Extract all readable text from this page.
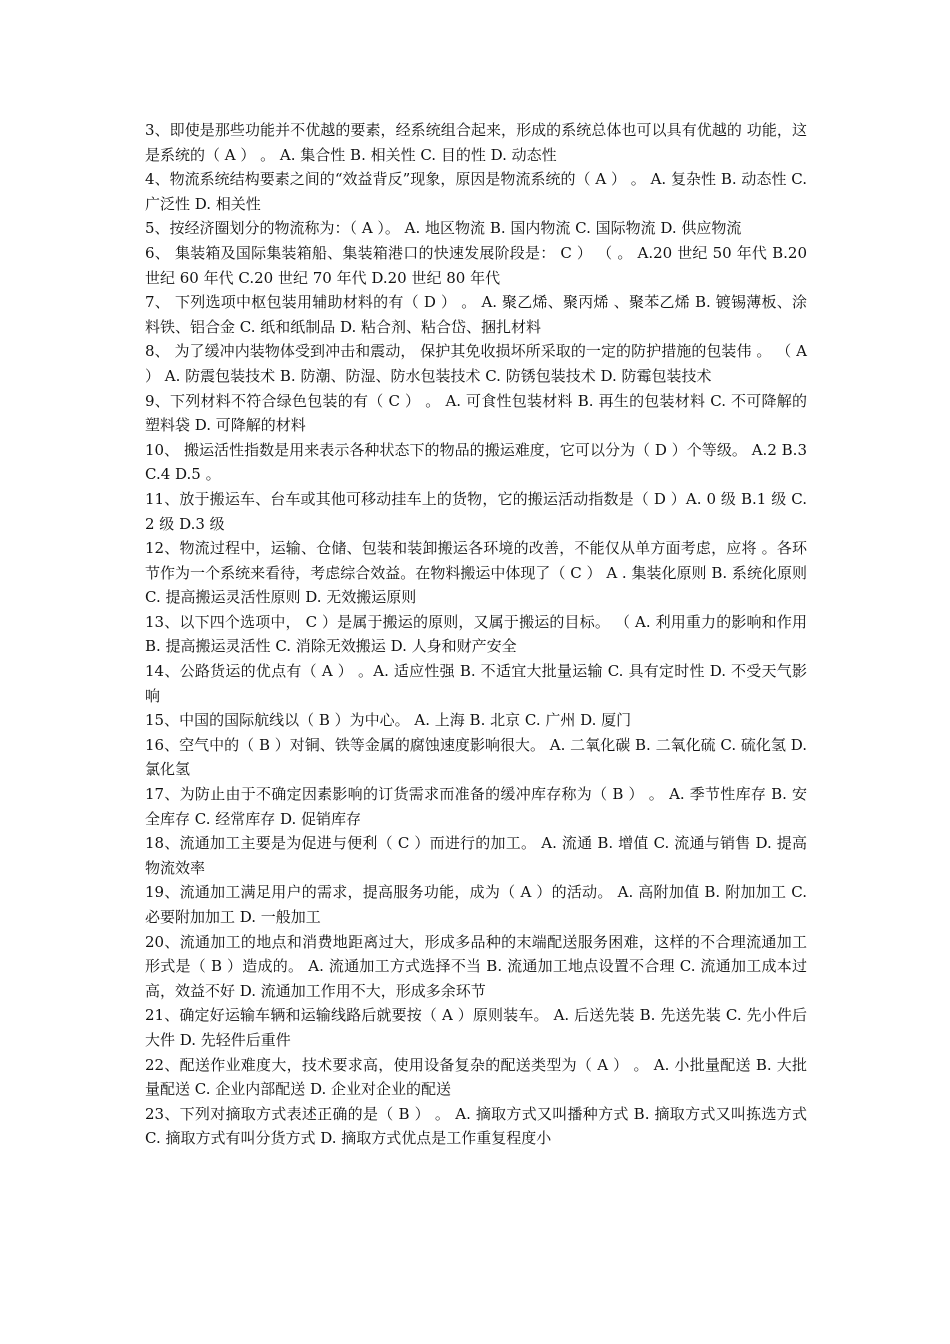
3、即使是那些功能并不优越的要素，经系统组合起来，形成的系统总体也可以具有优越的 功能，这是系统的（ A ） 。 A. 集合性 B. 相关性 C. 目的性 D. 动态性

4、物流系统结构要素之间的“效益背反”现象，原因是物流系统的（ A ） 。 A. 复杂性 B. 动态性 C. 广泛性 D. 相关性

5、按经济圈划分的物流称为：（ A ）。 A. 地区物流 B. 国内物流 C. 国际物流 D. 供应物流

6、 集装箱及国际集装箱船、集装箱港口的快速发展阶段是： C ） （ 。 A.20 世纪 50 年代 B.20 世纪 60 年代 C.20 世纪 70 年代 D.20 世纪 80 年代

7、 下列选项中枢包装用辅助材料的有（ D ） 。 A. 聚乙烯、聚丙烯 、聚苯乙烯 B. 镀锡薄板、涂料铁、铝合金 C. 纸和纸制品 D. 粘合剂、粘合岱、捆扎材料

8、 为了缓冲内装物体受到冲击和震动， 保护其免收损坏所采取的一定的防护措施的包装伟 。 （ A ） A. 防震包装技术 B. 防潮、防湿、防水包装技术 C. 防锈包装技术 D. 防霉包装技术

9、下列材料不符合绿色包装的有（ C ） 。 A. 可食性包装材料 B. 再生的包装材料 C. 不可降解的塑料袋 D. 可降解的材料

10、 搬运活性指数是用来表示各种状态下的物品的搬运难度，它可以分为（ D ）个等级。 A.2 B.3 C.4 D.5 。

11、放于搬运车、台车或其他可移动挂车上的货物，它的搬运活动指数是（ D ）A. 0 级 B.1 级 C.2 级 D.3 级

12、物流过程中，运输、仓储、包装和装卸搬运各环境的改善，不能仅从单方面考虑，应将 。各环节作为一个系统来看待，考虑综合效益。在物料搬运中体现了（ C ） A . 集装化原则 B. 系统化原则 C. 提高搬运灵活性原则 D. 无效搬运原则

13、以下四个选项中， C ）是属于搬运的原则，又属于搬运的目标。 （ A. 利用重力的影响和作用 B. 提高搬运灵活性 C. 消除无效搬运 D. 人身和财产安全

14、公路货运的优点有（ A ） 。A. 适应性强 B. 不适宜大批量运输 C. 具有定时性 D. 不受天气影响

15、中国的国际航线以（ B ）为中心。 A. 上海 B. 北京 C. 广州 D. 厦门

16、空气中的（ B ）对铜、铁等金属的腐蚀速度影响很大。 A. 二氧化碳 B. 二氧化硫 C. 硫化氢 D. 氯化氢

17、为防止由于不确定因素影响的订货需求而准备的缓冲库存称为（ B ） 。 A. 季节性库存 B. 安全库存 C. 经常库存 D. 促销库存

18、流通加工主要是为促进与便利（ C ）而进行的加工。 A. 流通 B. 增值 C. 流通与销售 D. 提高物流效率

19、流通加工满足用户的需求，提高服务功能，成为（ A ）的活动。 A. 高附加值 B. 附加加工 C. 必要附加加工 D. 一般加工

20、流通加工的地点和消费地距离过大，形成多品种的末端配送服务困难，这样的不合理流通加工形式是（ B ）造成的。 A. 流通加工方式选择不当 B. 流通加工地点设置不合理 C. 流通加工成本过高，效益不好 D. 流通加工作用不大，形成多余环节

21、确定好运输车辆和运输线路后就要按（ A ）原则装车。 A. 后送先装 B. 先送先装 C. 先小件后大件 D. 先轻件后重件

22、配送作业难度大，技术要求高，使用设备复杂的配送类型为（ A ） 。 A. 小批量配送 B. 大批量配送 C. 企业内部配送 D. 企业对企业的配送

23、下列对摘取方式表述正确的是（ B ） 。 A. 摘取方式又叫播种方式 B. 摘取方式又叫拣选方式 C. 摘取方式有叫分货方式 D. 摘取方式优点是工作重复程度小
